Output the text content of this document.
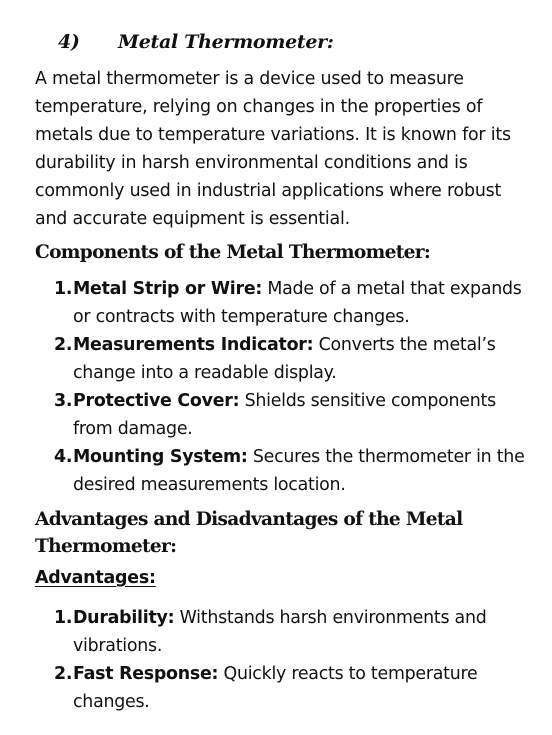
4) Metal Thermometer:

A metal thermometer is a device used to measure temperature, relying on changes in the properties of metals due to temperature variations. It is known for its durability in harsh environmental conditions and is commonly used in industrial applications where robust and accurate equipment is essential.

Components of the Metal Thermometer:
1. Metal Strip or Wire: Made of a metal that expands or contracts with temperature changes.
2. Measurements Indicator: Converts the metal’s change into a readable display.
3. Protective Cover: Shields sensitive components from damage.
4. Mounting System: Secures the thermometer in the desired measurements location.
Advantages and Disadvantages of the Metal Thermometer:
Advantages:
1. Durability: Withstands harsh environments and vibrations.
2. Fast Response: Quickly reacts to temperature changes.
